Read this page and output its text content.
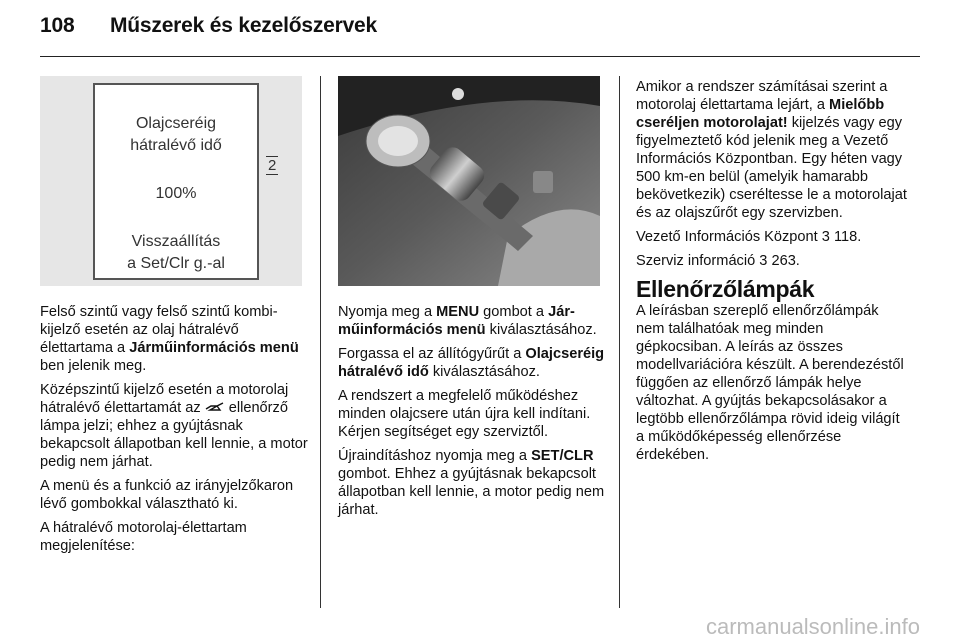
108 Műszerek és kezelőszervek
Olajcseréig
hátralévő idő
100%
Visszaállítás
a Set/Clr g.-al
2

Felső szintű vagy felső szintű kombi-kijelző esetén az olaj hátralévő élettartama a Járműinformációs menü ben jelenik meg.

Középszintű kijelző esetén a motorolaj hátralévő élettartamát az  ellenőrző lámpa jelzi; ehhez a gyújtásnak bekapcsolt állapotban kell lennie, a motor pedig nem járhat.

A menü és a funkció az irányjelzőkaron lévő gombokkal választható ki.

A hátralévő motorolaj-élettartam megjelenítése:

Nyomja meg a MENU gombot a Jár-műinformációs menü kiválasztásához.

Forgassa el az állítógyűrűt a Olajcseréig hátralévő idő kiválasztásához.

A rendszert a megfelelő működéshez minden olajcsere után újra kell indítani. Kérjen segítséget egy szerviztől.

Újraindításhoz nyomja meg a SET/CLR gombot. Ehhez a gyújtásnak bekapcsolt állapotban kell lennie, a motor pedig nem járhat.

Amikor a rendszer számításai szerint a motorolaj élettartama lejárt, a Mielőbb cseréljen motorolajat! kijelzés vagy egy figyelmeztető kód jelenik meg a Vezető Információs Központban. Egy héten vagy 500 km-en belül (amelyik hamarabb bekövetkezik) cseréltesse le a motorolajat és az olajszűrőt egy szervizben.

Vezető Információs Központ 3 118.

Szerviz információ 3 263.

Ellenőrzőlámpák

A leírásban szereplő ellenőrzőlámpák nem találhatóak meg minden gépkocsiban. A leírás az összes modellvariációra készült. A berendezéstől függően az ellenőrző lámpák helye változhat. A gyújtás bekapcsolásakor a legtöbb ellenőrzőlámpa rövid ideig világít a működőképesség ellenőrzése érdekében.

carmanualsonline.info
